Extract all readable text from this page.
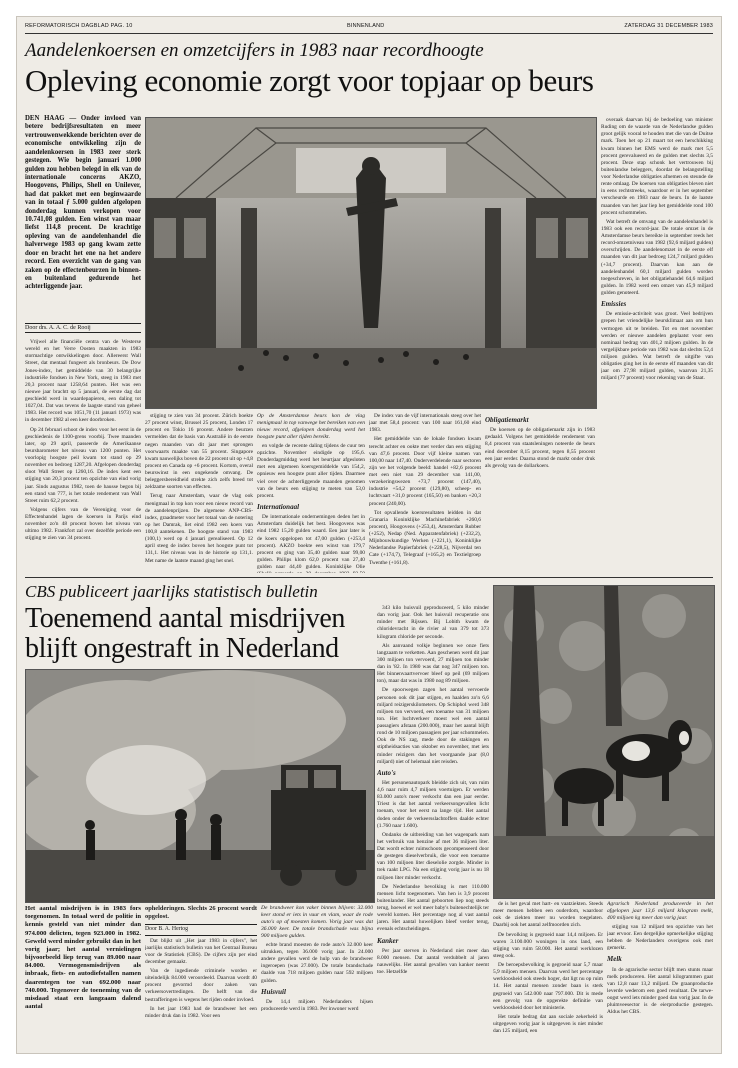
REFORMATORISCH DAGBLAD PAG. 10	BINNENLAND	ZATERDAG 31 DECEMBER 1983
Aandelenkoersen en omzetcijfers in 1983 naar recordhoogte
Opleving economie zorgt voor topjaar op beurs
DEN HAAG — Onder invloed van betere bedrijfsresultaten en meer vertrouwenwekkende berichten over de economische ontwikkeling zijn de aandelenkoersen in 1983 zeer sterk gestegen. Wie begin januari 1.000 gulden zou hebben belegd in elk van de internationale concerns AKZO, Hoogovens, Philips, Shell en Unilever, had dat pakket met een beginwaarde van in totaal ƒ 5.000 gulden afgelopen donderdag kunnen verkopen voor 10.741,08 gulden. Een winst van maar liefst 114,8 procent. De krachtige opleving van de aandelenhandel die halverwege 1983 op gang kwam zette door en bracht het ene na het andere record. Een overzicht van de gang van zaken op de effectenbeurzen in binnen- en buitenland gedurende het achterliggende jaar.
Door drs. A. A. C. de Rooij

Vrijwel alle financiële centra van de Westerse wereld en het Verre Oosten maakten in 1983 stormachtige ontwikkelingen door. Allereerst Wall Street, dat mentaal fungeert als bronbeurs. De Dow Jones-index, het gemiddelde van 30 belangrijke industriële fondsen in New York, steeg in 1983 met 20,3 procent naar 1258,64 punten. Het was een nieuwe jaar brachtt op 5 januari, de eerste dag dat geschiedd werd in waardepapieren, een daling tot 1027,04. Dat was tevens de laagste stand van geheel 1983. Het record was 1051,70 (11 januari 1973) was in december 1982 al een keer doorbroken.

Op 24 februari schoot de index voor het eerst in de geschiedenis de 1100-grens voorbij. Twee maanden later, op 29 april, passeerde de Amerikaanse beursbarometer het niveau van 1200 punten. Het voorlopig hoogste peil kwam tot stand op 29 november en bedroeg 1287,20. Afgelopen donderdag sloot Wall Street op 1260,16. De index kent een stijging van 20,3 procent ten opzichte van eind vorig jaar. Sinds augustus 1982, toen de hausse begon bij een stand van 777, is het totale rendement van Wall Street ruim 62,2 procent.

Volgens cijfers van de Vereniging voor de Effectenhandel lagen de koersen in Parijs eind november zo'n 48 procent boven het niveau van ultimo 1982. Frankfort zal over dezelfde periode een stijging te zien van 34 procent.

stijging te zien van 34 procent. Zürich boekte 27 procent winst, Brussel 25 procent, Londen 17 procent en Tokio 16 procent. Andere beurzen vermelden dat de basis van Australië in de eerste negen maanden van dit jaar met sprongen voorwaarts maakte van 55 procent. Singapore kwam nauwelijks boven de 22 procent uit op +4,8 procent en Canada op +6 procent. Kortom, overal beurswinst in een ongekende omvang. De beleggersbereidheid strekte zich zelfs breed tot zeldzame soorten van effecten.

Terug naar Amsterdam, waar de vlag ook menigmaal in top kon voor een nieuw record van de aandelenprijzen. De algemene ANP-CBS-index, graadmeter voor het totaal van de notering op het Damrak, liet eind 1982 een koers van 100,8 aantekenen. De hoogste stand van 1983 (100,1) werd op 4 januari gerealiseerd. Op 12 april steeg de index boven het hoogste punt tot 131,1. Het niveau was in de historie op 131,1. Met name de laatste maand ging het snel.

Op de Amsterdamse beurs kon de vlag menigmaal in top vanwege het bereiken van een nieuw record, afgelopen donderdag werd het hoogste punt aller tijden bereikt.

en volgde de recente daling tijdens de cuur ten opzichte. November eindigde op 195,6. Donderdagmiddag werd het beurtjaar afgesloten met een algemeen koersgemiddelde van 154,2, opnieuw een hoogste punt aller tijden. Daarmee viel over de achterliggende maanden genomen van de beurs een stijging te meten van 53,0 procent.

Internationaal

De internationale ondernemingen deden het in Amsterdam duidelijk het best. Hoogovens was eind 1982 15,20 gulden waard. Een jaar later is de koers opgelopen tot 47,00 gulden (+253,4 procent). AKZO boekte een winst van 179,7 procent en ging van 35,40 gulden naar 99,00 gulden. Philips klom 62,0 procent van 27,40 gulden naar 44,40 gulden. Koninklijke Olie

De index van de vijf internationals steeg over het jaar met 58,4 procent: van 100 naar 161,60 eind 1983.

Het gemiddelde van de lokale fondsen kwam terecht achter en ookte met verder dan een stijging van 47,6 procent. Door vijf kleine namen van 100,00 naar 147,40. Onderverdelende naar sectoren zijn we het volgende beeld: handel +82,6 procent met een niet van 29 december van 141,00, verzekeringswezen +73,7 procent (147,40), industrie +54,2 procent (129,80), scheep- en luchtvaart +31,0 procent (165,50) en banken +20,3 procent (240,00).

Tot opvallende koersresultaten leidden in dat Granaria Koninklijke Machinefabriek +260,6 procent), Hoogovens (+253,4), Amsterdam Rubber (+252), Nedap (Ned. Apparatenfabriek) (+232,2), Mijnbouwkundige Werken (+221,1), Koninklijke Nederlandse Papierfabriek (+228,5), Nijverdal ten Cate (+174,7), Telegraaf (+165,2) en Textielgroep Twenthe (+161,8).

Obligatiemarkt

De koersen op de obligatiemarkt zijn in 1983 gedaald. Volgens het gemiddelde rendement van 8,4 procent van staatsleningen noteerde de beurs eind december 8,15 procent, tegen 8,55 procent een jaar eerder. Daarna stond de markt onder druk als gevolg van de dollarkoers.

overaak daarvan bij de bedoeling van minister Ruding om de waarde van de Nederlandse gulden groot gelijk vooral te houden met die van de Duitse mark. Toen het op 21 maart tot een herschikking kwam binnen het EMS werd de mark met 5,5 procent gerevalueerd en de gulden met slechts 3,5 procent. Deze stap schonk het vertrouwen bij buitenlandse beleggers, doordat de belangstelling voor Nederlandse obligaties afnemen en steunde de rente omlaag. De koersen van obligaties bleven niet in eens rechtstreeks, waardoor er in het september verscheurde en 1983 naar de beurs. In de laatste maanden van het jaar liep het gemiddelde rond 100 procent schommelen.

Wat betreft de omvang van de aandelenhandel is 1983 ook een record-jaar. De totale omzet in de Amsterdamse beurs bereikte in september reeds het record-omzetniveau van 1982 (92,6 miljard gulden) overschrijden. De aandelenomzet in de eerste elf maanden van dit jaar bedroeg 124,7 miljard gulden (+34,7 procent). Daarvan kan aan de aandelenhandel 60,1 miljard gulden worden toegeschreven, in het obligatiehandel 64,6 miljard gulden. In 1982 werd een omzet van 45,9 miljard gulden genoteerd.

Emissies

De emissie-activiteit was groot. Veel bedrijven grepen het vriendelijke beursklimaat aan om hun vermogen uit te breiden. Tot en met november werden er nieuwe aandelen geplaatst voor een nominaal bedrag van 401,2 miljoen gulden. In de vergelijkbare periode van 1982 was dat slechts 52,4 miljoen gulden. Wat betreft de uitgifte van obligaties ging het in de eerste elf maanden van dit jaar om 27,98 miljard gulden, waarvan 21,35 miljard (77 procent) voor rekening van de Staat.

CBS publiceert jaarlijks statistisch bulletin
Toenemend aantal misdrijven
blijft ongestraft in Nederland
Het aantal misdrijven is in 1983 fors toegenomen. In totaal werd de politie in kennis gesteld van niet minder dan 974.000 delicten, tegen 923.000 in 1982. Geweld werd minder gebruikt dan in het vorig jaar; het aantal vernielingen bijvoorbeeld liep terug van 89.000 naar 84.000. Vermogensmisdrijven als inbraak, fiets- en autodiefstallen namen daarentegen toe van 692.000 naar 740.000. Tegenover de toeneming van de misdaad staat een langzaam dalend aantal

ophelderingen. Slechts 26 procent wordt opgelost.

Door B. A. Hertog

Dat blijkt uit „Het jaar 1983 in cijfers", het jaarlijks statistisch bulletin van het Centraal Bureau voor de Statistiek (CBS). De cijfers zijn per eind december gemaakt.

Van de ingediende criminele worden er uiteindelijk 84.000 veroordeeld. Daarvan wordt 40 procent gevormd door zaken van verkeersovertredingen. De helft van die bestrafferingen is wegens het rijden onder invloed.

In het jaar 1983 had de brandweer het een minder druk dan in 1982. Voor een

De brandweer kon vaker binnen blijven: 32.000 keer stond er iets in vuur en vlam, waar de rode auto's op af moesten komen. Vorig jaar was dat 36.000 keer. De totale brandschade was bijna 900 miljoen gulden.

echte brand moesten de rode auto's 32.000 keer uitrukken, tegen 36.000 vorig jaar. In 24.000 andere gevallen werd de hulp van de brandweer ingeroepen (was 27.000). De totale brandschade daalde van 718 miljoen gulden naar 592 miljoen gulden.

Huisvuil

De 14,4 miljoen Nederlanders hijsen produceerde werd in 1983. Per inwoner werd

343 kilo huisvuil geproduceerd, 5 kilo minder dan vorig jaar. Ook het huisvuil recuperatie ons minder met Rijssen. Bij Lobith kwam de chloridevracht in de rivier al van 379 tot 373 kilogram chloride per seconde.

Als aanvaand volkje beginnen we onze fiets langzaam te verketten. Aan geschenen werd dit jaar 300 miljoen ton vervoerd, 27 miljoen ton minder dan in '82. In 1980 was dat nog 347 miljoen ton. Het binnenvaartvervoer bleef op peil (69 miljoen ton), maar dat was in 1980 nog 89 miljoen.

De spoorwegen zagen het aantal vervoerde personen ook dit jaar stijgen, en haalden zo'n 6,6 miljard reizigerskilometers. Op Schiphol werd 348 miljoen ton vervoerd, een toename van 31 miljoen ton. Het luchtverkeer moest wel een aantal passagiers afstaan (200.000), maar het aantal blijft rond de 10 miljoen passagiers per jaar schommelen. Ook de NS zag, mede door de stakingen en stiptheidsacties van oktober en november, met iets minder reizigers dan het voorgaande jaar (8,0 miljard) niet of helemaal niet reisden.

Auto's

Het personenautopark bleidde zich uit, van ruim 4,6 naar ruim 4,7 miljoen voertuigen. Er werden 83.000 auto's meer verkocht dan een jaar eerder. Triest is dat het aantal verkeersongevallen licht toenam, voor het eerst na lange tijd. Het aantal doden onder de verkeersslachtoffers daalde echter (1.760 naar 1.600).

Ondanks de uitbreiding van het wagenpark nam het verbruik van benzine af met 36 miljoen liter. Dat wordt echter ruimschoots gecompenseerd door de gestegen dieselverbruik, die voor een toename van 100 miljoen liter dieselolie zorgde. Minder in trek raakt LPG. Na een stijging vorig jaar is nu 18 miljoen liter minder verkocht.

De Nederlandse bevolking is met 110.000 mensen licht toegenomen. Van hen is 3,9 procent buitenlander. Het aantal geboorten liep nog steeds terug, hoewel er wel meer baby's buitenechtelijk ter wereld komen. Het percentage nog al vast aantal jaren. Het aantal huwelijken bleef verder terug, evenals echtscheidingen.

Kanker

Per jaar sterven in Nederland niet meer dan 8.000 mensen. Dat aantal verdubbelt al jaren nauwelijks. Het aantal gevallen van kanker neemt toe. Hetzelfde

de is het geval met hart- en vaatziekten. Steeds meer mensen hebben een ouderdom, waardoor ook de ziekten meer nu worden toegelaten. Daarbij ook het aantal zelfmoorden zich.

De bevolking is gegroeid naar 14,4 miljoen. Er waren 3.100.000 woningen in ons land, een stijging van ruim 58.000. Het aantal werklozen steeg ook.

De beroepsbevolking is gegroeid naar 5,7 maar 5,9 miljoen mensen. Daarvan werd het percentage werkloosheid ook steeds hoger, dat ligt nu op ruim 14. Het aantal mensen zonder baan is sterk gegroeid van 542.000 naar 797.000. Dit is mede een gevolg van de opgerekte definitie van werkloosheid door het ministerie.

Het totale bedrag dat aan sociale zekerheid is uitgegeven vorig jaar is uitgegeven is niet minder dan 125 miljard, een

Agrarisch Nederland produceerde in het afgelopen jaar 13,6 miljard kilogram melk, 400 miljoen kg meer dan vorig jaar.

stijging van 12 miljard ten opzichte van het jaar ervoor. Een dergelijke opmerkelijke stijging hebben de Nederlanders overigens ook met gemerkt.

Melk

In de agrarische sector blijft men stunts maar melk produceren. Het aantal kilogrammen gaat van 12,8 naar 13,2 miljard. De graanproductie leverde wederom een goed resultaat. De tarwe-oogst werd iets minder goed dan vorig jaar. In de pluimveesector is de eierproductie gestegen. Aldus het CBS.
